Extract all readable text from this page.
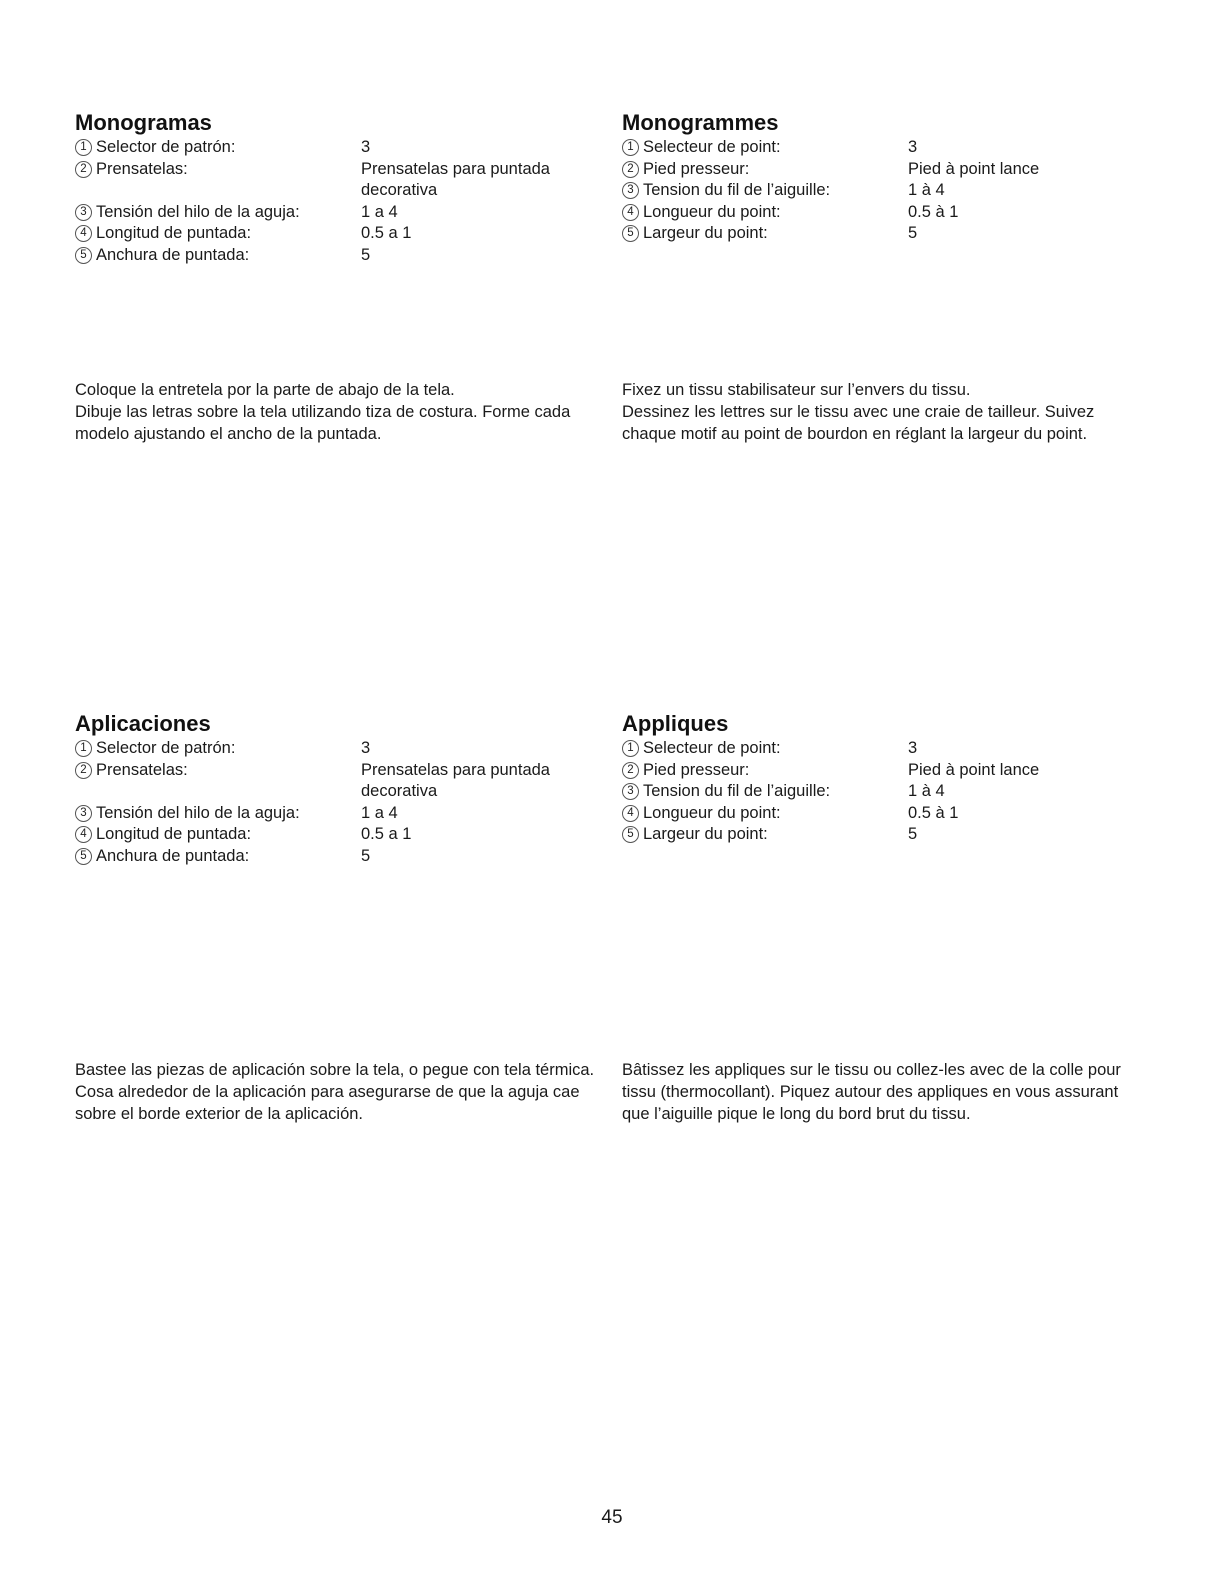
Monogramas
1 Selector de patrón:	3
2 Prensatelas:	Prensatelas para puntada
decorativa
3 Tensión del hilo de la aguja:	1 a 4
4 Longitud de puntada:	0.5 a 1
5 Anchura de puntada:	5
Monogrammes
1 Selecteur de point:	3
2 Pied presseur:	Pied à point lance
3 Tension du fil de l’aiguille:	1 à 4
4 Longueur du point:	0.5 à 1
5 Largeur du point:	5

Coloque la entretela por la parte de abajo de la tela.

Dibuje las letras sobre la tela utilizando tiza de costura. Forme cada modelo ajustando el ancho de la puntada.

Fixez un tissu stabilisateur sur l’envers du tissu.

Dessinez les lettres sur le tissu avec une craie de tailleur. Suivez chaque motif au point de bourdon en réglant la largeur du point.

Aplicaciones
1 Selector de patrón:	3
2 Prensatelas:	Prensatelas para puntada
decorativa
3 Tensión del hilo de la aguja:	1 a 4
4 Longitud de puntada:	0.5 a 1
5 Anchura de puntada:	5
Appliques
1 Selecteur de point:	3
2 Pied presseur:	Pied à point lance
3 Tension du fil de l’aiguille:	1 à 4
4 Longueur du point:	0.5 à 1
5 Largeur du point:	5

Bastee las piezas de aplicación sobre la tela, o pegue con tela térmica. Cosa alrededor de la aplicación para asegurarse de que la aguja cae sobre el borde exterior de la aplicación.

Bâtissez les appliques sur le tissu ou collez-les avec de la colle pour tissu (thermocollant). Piquez autour des appliques en vous assurant que l’aiguille pique le long du bord brut du tissu.

45
